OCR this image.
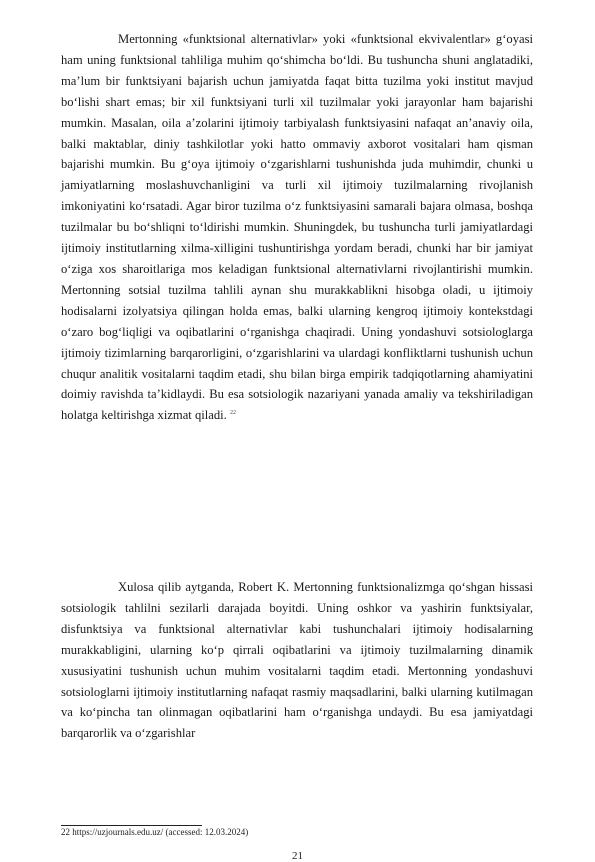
Mertonning «funktsional alternativlar» yoki «funktsional ekvivalentlar» g‘oyasi ham uning funktsional tahliliga muhim qo‘shimcha bo‘ldi. Bu tushuncha shuni anglatadiki, ma’lum bir funktsiyani bajarish uchun jamiyatda faqat bitta tuzilma yoki institut mavjud bo‘lishi shart emas; bir xil funktsiyani turli xil tuzilmalar yoki jarayonlar ham bajarishi mumkin. Masalan, oila a’zolarini ijtimoiy tarbiyalash funktsiyasini nafaqat an’anaviy oila, balki maktablar, diniy tashkilotlar yoki hatto ommaviy axborot vositalari ham qisman bajarishi mumkin. Bu g‘oya ijtimoiy o‘zgarishlarni tushunishda juda muhimdir, chunki u jamiyatlarning moslashuvchanligini va turli xil ijtimoiy tuzilmalarning rivojlanish imkoniyatini ko‘rsatadi. Agar biror tuzilma o‘z funktsiyasini samarali bajara olmasa, boshqa tuzilmalar bu bo‘shliqni to‘ldirishi mumkin. Shuningdek, bu tushuncha turli jamiyatlardagi ijtimoiy institutlarning xilma-xilligini tushuntirishga yordam beradi, chunki har bir jamiyat o‘ziga xos sharoitlariga mos keladigan funktsional alternativlarni rivojlantirishi mumkin. Mertonning sotsial tuzilma tahlili aynan shu murakkablikni hisobga oladi, u ijtimoiy hodisalarni izolyatsiya qilingan holda emas, balki ularning kengroq ijtimoiy kontekstdagi o‘zaro bog‘liqligi va oqibatlarini o‘rganishga chaqiradi. Uning yondashuvi sotsiologlarga ijtimoiy tizimlarning barqarorligini, o‘zgarishlarini va ulardagi konfliktlarni tushunish uchun chuqur analitik vositalarni taqdim etadi, shu bilan birga empirik tadqiqotlarning ahamiyatini doimiy ravishda ta’kidlaydi. Bu esa sotsiologik nazariyani yanada amaliy va tekshiriladigan holatga keltirishga xizmat qiladi. $^{22}$

Xulosa qilib aytganda, Robert K. Mertonning funktsionalizmga qo‘shgan hissasi sotsiologik tahlilni sezilarli darajada boyitdi. Uning oshkor va yashirin funktsiyalar, disfunktsiya va funktsional alternativlar kabi tushunchalari ijtimoiy hodisalarning murakkabligini, ularning ko‘p qirrali oqibatlarini va ijtimoiy tuzilmalarning dinamik xususiyatini tushunish uchun muhim vositalarni taqdim etadi. Mertonning yondashuvi sotsiologlarni ijtimoiy institutlarning nafaqat rasmiy maqsadlarini, balki ularning kutilmagan va ko‘pincha tan olinmagan oqibatlarini ham o‘rganishga undaydi. Bu esa jamiyatdagi barqarorlik va o‘zgarishlar

22 https://uzjournals.edu.uz/ (accessed: 12.03.2024)
21
